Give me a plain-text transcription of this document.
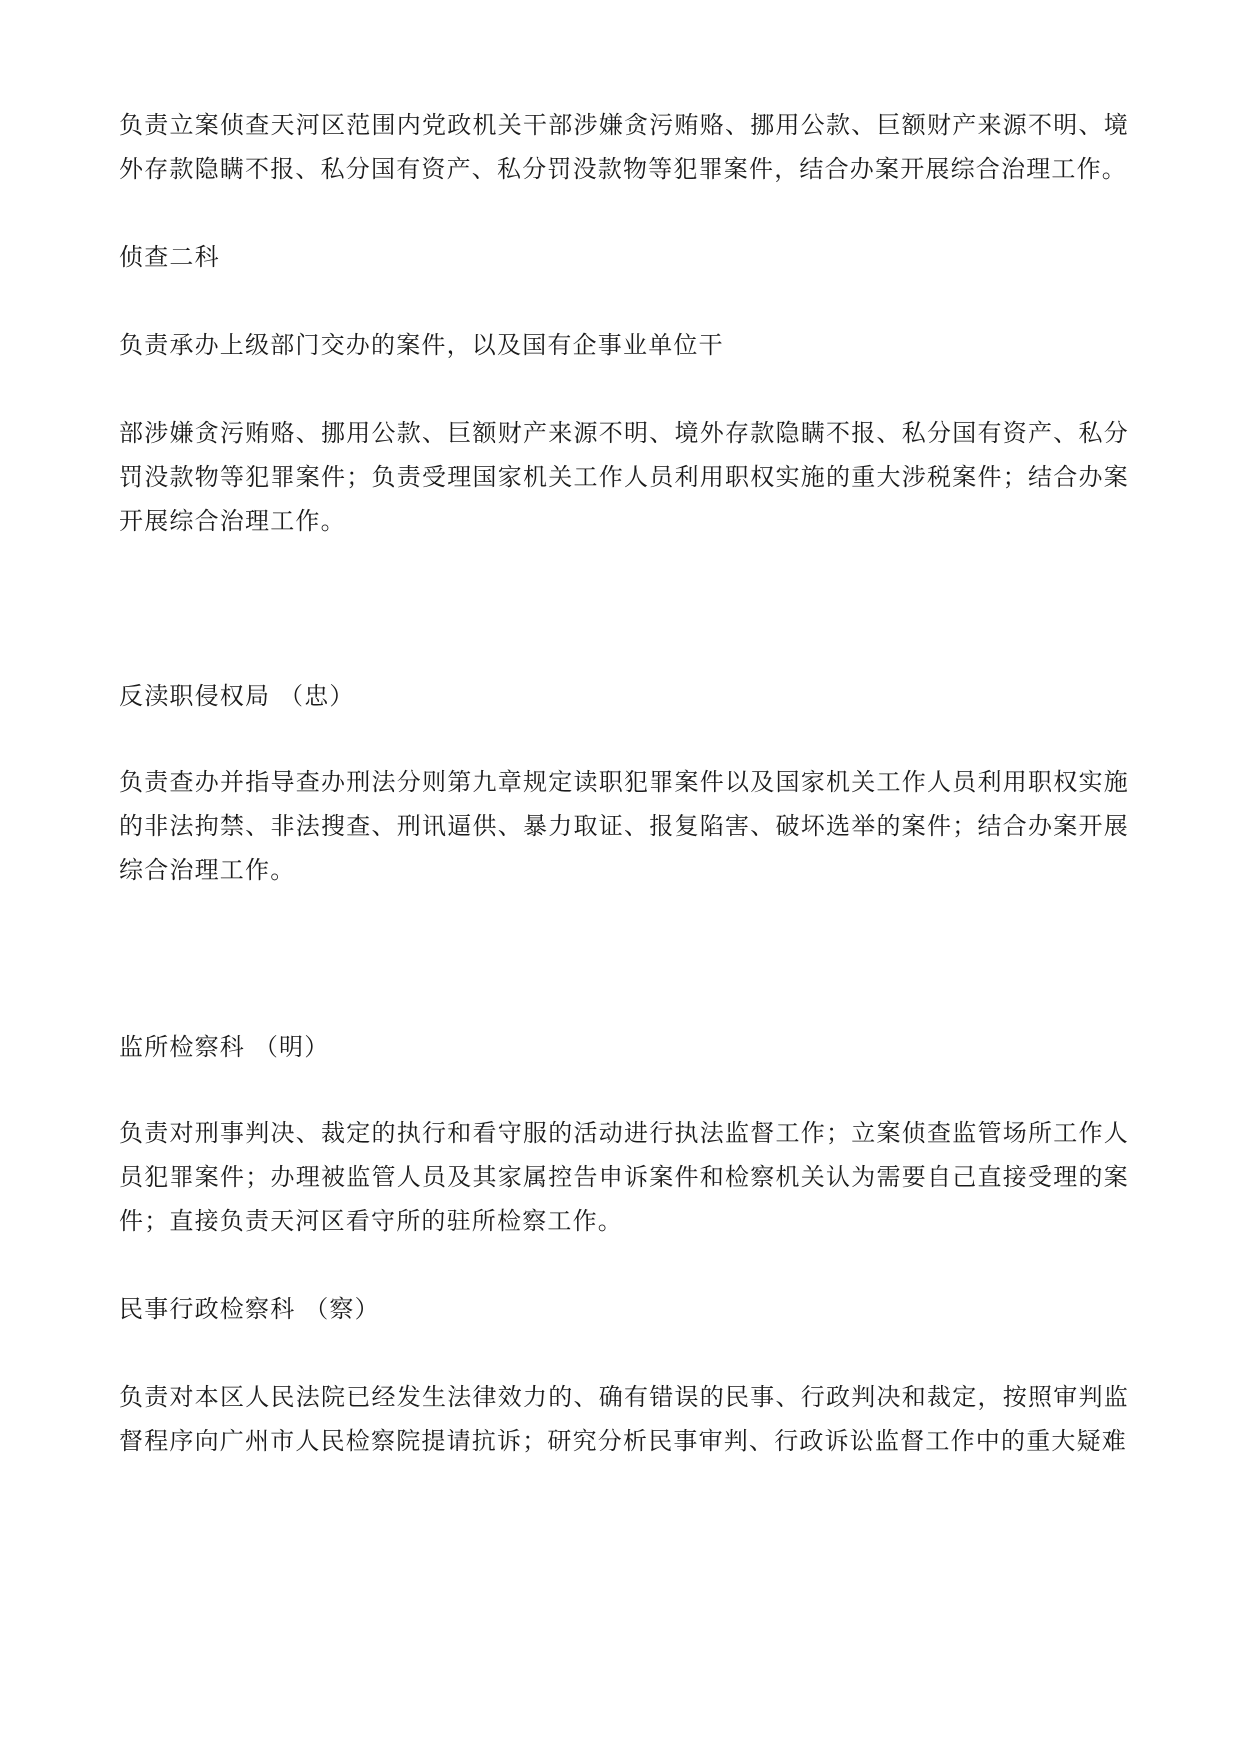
负责立案侦查天河区范围内党政机关干部涉嫌贪污贿赂、挪用公款、巨额财产来源不明、境外存款隐瞒不报、私分国有资产、私分罚没款物等犯罪案件，结合办案开展综合治理工作。

侦查二科

负责承办上级部门交办的案件，以及国有企事业单位干

部涉嫌贪污贿赂、挪用公款、巨额财产来源不明、境外存款隐瞒不报、私分国有资产、私分罚没款物等犯罪案件；负责受理国家机关工作人员利用职权实施的重大涉税案件；结合办案开展综合治理工作。

反渎职侵权局 （忠）

负责查办并指导查办刑法分则第九章规定读职犯罪案件以及国家机关工作人员利用职权实施的非法拘禁、非法搜查、刑讯逼供、暴力取证、报复陷害、破坏选举的案件；结合办案开展综合治理工作。

监所检察科 （明）

负责对刑事判决、裁定的执行和看守服的活动进行执法监督工作；立案侦查监管场所工作人员犯罪案件；办理被监管人员及其家属控告申诉案件和检察机关认为需要自己直接受理的案件；直接负责天河区看守所的驻所检察工作。

民事行政检察科 （察）

负责对本区人民法院已经发生法律效力的、确有错误的民事、行政判决和裁定，按照审判监督程序向广州市人民检察院提请抗诉；研究分析民事审判、行政诉讼监督工作中的重大疑难
